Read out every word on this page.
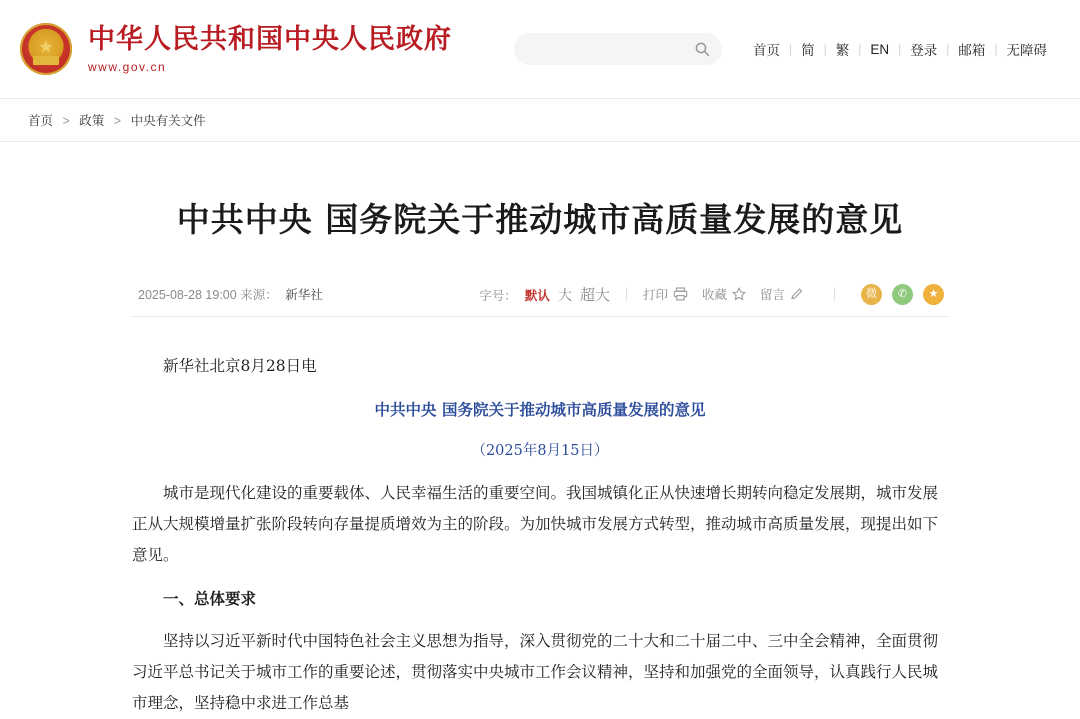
★ 中华人民共和国中央人民政府
www.gov.cn
首页 | 简 | 繁 | EN | 登录 | 邮箱 | 无障碍
首页 > 政策 > 中央有关文件
中共中央 国务院关于推动城市高质量发展的意见
2025-08-28 19:00 来源： 新华社	字号： 默认 大 超大	打印	收藏	留言	微	✆	★

新华社北京8月28日电

中共中央 国务院关于推动城市高质量发展的意见

（2025年8月15日）

城市是现代化建设的重要载体、人民幸福生活的重要空间。我国城镇化正从快速增长期转向稳定发展期，城市发展正从大规模增量扩张阶段转向存量提质增效为主的阶段。为加快城市发展方式转型，推动城市高质量发展，现提出如下意见。

一、总体要求

坚持以习近平新时代中国特色社会主义思想为指导，深入贯彻党的二十大和二十届二中、三中全会精神，全面贯彻习近平总书记关于城市工作的重要论述，贯彻落实中央城市工作会议精神，坚持和加强党的全面领导，认真践行人民城市理念，坚持稳中求进工作总基
